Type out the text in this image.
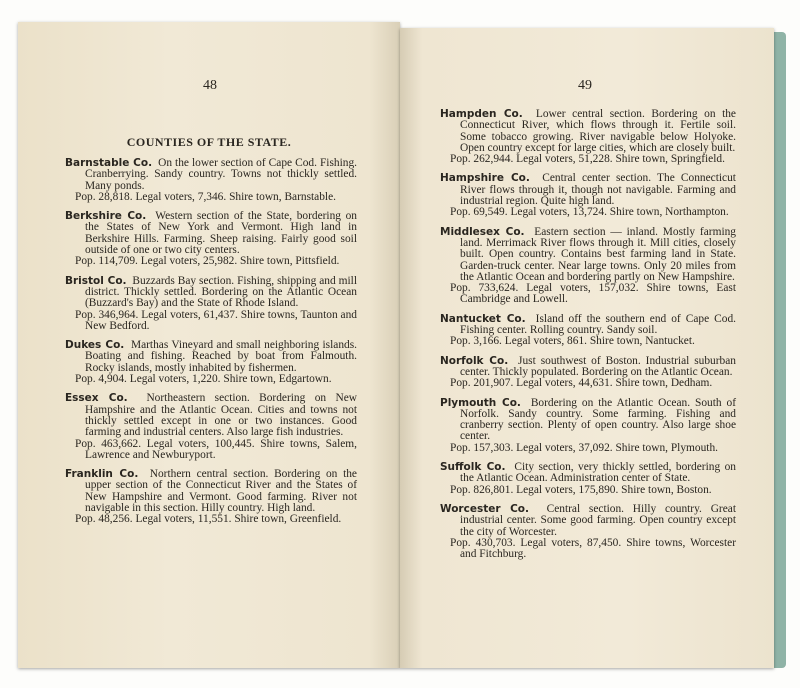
48
COUNTIES OF THE STATE.

Barnstable Co. On the lower section of Cape Cod. Fishing. Cranberrying. Sandy country. Towns not thickly settled. Many ponds.

Pop. 28,818. Legal voters, 7,346. Shire town, Barnstable.

Berkshire Co. Western section of the State, bordering on the States of New York and Vermont. High land in Berkshire Hills. Farming. Sheep raising. Fairly good soil outside of one or two city centers.

Pop. 114,709. Legal voters, 25,982. Shire town, Pittsfield.

Bristol Co. Buzzards Bay section. Fishing, shipping and mill district. Thickly settled. Bordering on the Atlantic Ocean (Buzzard's Bay) and the State of Rhode Island.

Pop. 346,964. Legal voters, 61,437. Shire towns, Taunton and New Bedford.

Dukes Co. Marthas Vineyard and small neighboring islands. Boating and fishing. Reached by boat from Falmouth. Rocky islands, mostly inhabited by fishermen.

Pop. 4,904. Legal voters, 1,220. Shire town, Edgartown.

Essex Co. Northeastern section. Bordering on New Hampshire and the Atlantic Ocean. Cities and towns not thickly settled except in one or two instances. Good farming and industrial centers. Also large fish industries.

Pop. 463,662. Legal voters, 100,445. Shire towns, Salem, Lawrence and Newburyport.

Franklin Co. Northern central section. Bordering on the upper section of the Connecticut River and the States of New Hampshire and Vermont. Good farming. River not navigable in this section. Hilly country. High land.

Pop. 48,256. Legal voters, 11,551. Shire town, Greenfield.

49

Hampden Co. Lower central section. Bordering on the Connecticut River, which flows through it. Fertile soil. Some tobacco growing. River navigable below Holyoke. Open country except for large cities, which are closely built.

Pop. 262,944. Legal voters, 51,228. Shire town, Springfield.

Hampshire Co. Central center section. The Connecticut River flows through it, though not navigable. Farming and industrial region. Quite high land.

Pop. 69,549. Legal voters, 13,724. Shire town, Northampton.

Middlesex Co. Eastern section — inland. Mostly farming land. Merrimack River flows through it. Mill cities, closely built. Open country. Contains best farming land in State. Garden-truck center. Near large towns. Only 20 miles from the Atlantic Ocean and bordering partly on New Hampshire.

Pop. 733,624. Legal voters, 157,032. Shire towns, East Cambridge and Lowell.

Nantucket Co. Island off the southern end of Cape Cod. Fishing center. Rolling country. Sandy soil.

Pop. 3,166. Legal voters, 861. Shire town, Nantucket.

Norfolk Co. Just southwest of Boston. Industrial suburban center. Thickly populated. Bordering on the Atlantic Ocean.

Pop. 201,907. Legal voters, 44,631. Shire town, Dedham.

Plymouth Co. Bordering on the Atlantic Ocean. South of Norfolk. Sandy country. Some farming. Fishing and cranberry section. Plenty of open country. Also large shoe center.

Pop. 157,303. Legal voters, 37,092. Shire town, Plymouth.

Suffolk Co. City section, very thickly settled, bordering on the Atlantic Ocean. Administration center of State.

Pop. 826,801. Legal voters, 175,890. Shire town, Boston.

Worcester Co. Central section. Hilly country. Great industrial center. Some good farming. Open country except the city of Worcester.

Pop. 430,703. Legal voters, 87,450. Shire towns, Worcester and Fitchburg.
